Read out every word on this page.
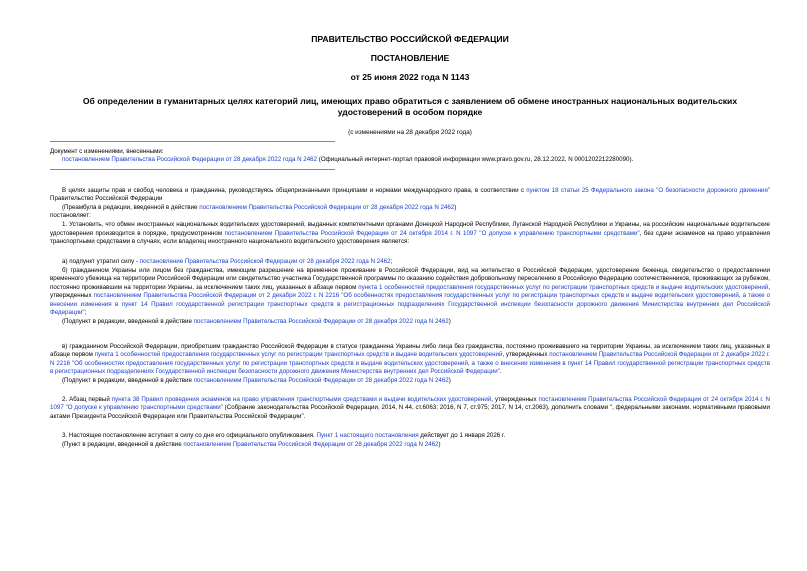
ПРАВИТЕЛЬСТВО РОССИЙСКОЙ ФЕДЕРАЦИИ
ПОСТАНОВЛЕНИЕ
от 25 июня 2022 года N 1143
Об определении в гуманитарных целях категорий лиц, имеющих право обратиться с заявлением об обмене иностранных национальных водительских удостоверений в особом порядке
(с изменениями на 28 декабря 2022 года)

Документ с изменениями, внесенными:

постановлением Правительства Российской Федерации от 28 декабря 2022 года N 2462 (Официальный интернет-портал правовой информации www.pravo.gov.ru, 28.12.2022, N 0001202212280090).

В целях защиты прав и свобод человека и гражданина, руководствуясь общепризнанными принципами и нормами международного права, в соответствии с пунктом 18 статьи 25 Федерального закона "О безопасности дорожного движения" Правительство Российской Федерации

(Преамбула в редакции, введенной в действие постановлением Правительства Российской Федерации от 28 декабря 2022 года N 2462)

постановляет:

1. Установить, что обмен иностранных национальных водительских удостоверений, выданных компетентными органами Донецкой Народной Республики, Луганской Народной Республики и Украины, на российские национальные водительские удостоверения производится в порядке, предусмотренном постановлением Правительства Российской Федерации от 24 октября 2014 г. N 1097 "О допуске к управлению транспортными средствами", без сдачи экзаменов на право управления транспортными средствами в случаях, если владелец иностранного национального водительского удостоверения является:

а) подпункт утратил силу - постановление Правительства Российской Федерации от 28 декабря 2022 года N 2462;

б) гражданином Украины или лицом без гражданства, имеющим разрешение на временное проживание в Российской Федерации, вид на жительство в Российской Федерации, удостоверение беженца, свидетельство о предоставлении временного убежища на территории Российской Федерации или свидетельство участника Государственной программы по оказанию содействия добровольному переселению в Российскую Федерацию соотечественников, проживающих за рубежом, постоянно проживавшим на территории Украины, за исключением таких лиц, указанных в абзаце первом пункта 1 особенностей предоставления государственных услуг по регистрации транспортных средств и выдаче водительских удостоверений, утвержденных постановлением Правительства Российской Федерации от 2 декабря 2022 г. N 2216 "Об особенностях предоставления государственных услуг по регистрации транспортных средств и выдаче водительских удостоверений, а также о внесении изменения в пункт 14 Правил государственной регистрации транспортных средств в регистрационных подразделениях Государственной инспекции безопасности дорожного движения Министерства внутренних дел Российской Федерации";

(Подпункт в редакции, введенной в действие постановлением Правительства Российской Федерации от 28 декабря 2022 года N 2462)

в) гражданином Российской Федерации, приобретшим гражданство Российской Федерации в статусе гражданина Украины либо лица без гражданства, постоянно проживавшего на территории Украины, за исключением таких лиц, указанных в абзаце первом пункта 1 особенностей предоставления государственных услуг по регистрации транспортных средств и выдаче водительских удостоверений, утвержденных постановлением Правительства Российской Федерации от 2 декабря 2022 г. N 2216 "Об особенностях предоставления государственных услуг по регистрации транспортных средств и выдаче водительских удостоверений, а также о внесении изменения в пункт 14 Правил государственной регистрации транспортных средств в регистрационных подразделениях Государственной инспекции безопасности дорожного движения Министерства внутренних дел Российской Федерации".

(Подпункт в редакции, введенной в действие постановлением Правительства Российской Федерации от 28 декабря 2022 года N 2462)

2. Абзац первый пункта 38 Правил проведения экзаменов на право управления транспортными средствами и выдачи водительских удостоверений, утвержденных постановлением Правительства Российской Федерации от 24 октября 2014 г. N 1097 "О допуске к управлению транспортными средствами" (Собрание законодательства Российской Федерации, 2014, N 44, ст.6063; 2016, N 7, ст.975; 2017, N 14, ст.2063), дополнить словами ", федеральными законами, нормативными правовыми актами Президента Российской Федерации или Правительства Российской Федерации".

3. Настоящее постановление вступает в силу со дня его официального опубликования. Пункт 1 настоящего постановления действует до 1 января 2026 г.

(Пункт в редакции, введенной в действие постановлением Правительства Российской Федерации от 28 декабря 2022 года N 2462)
